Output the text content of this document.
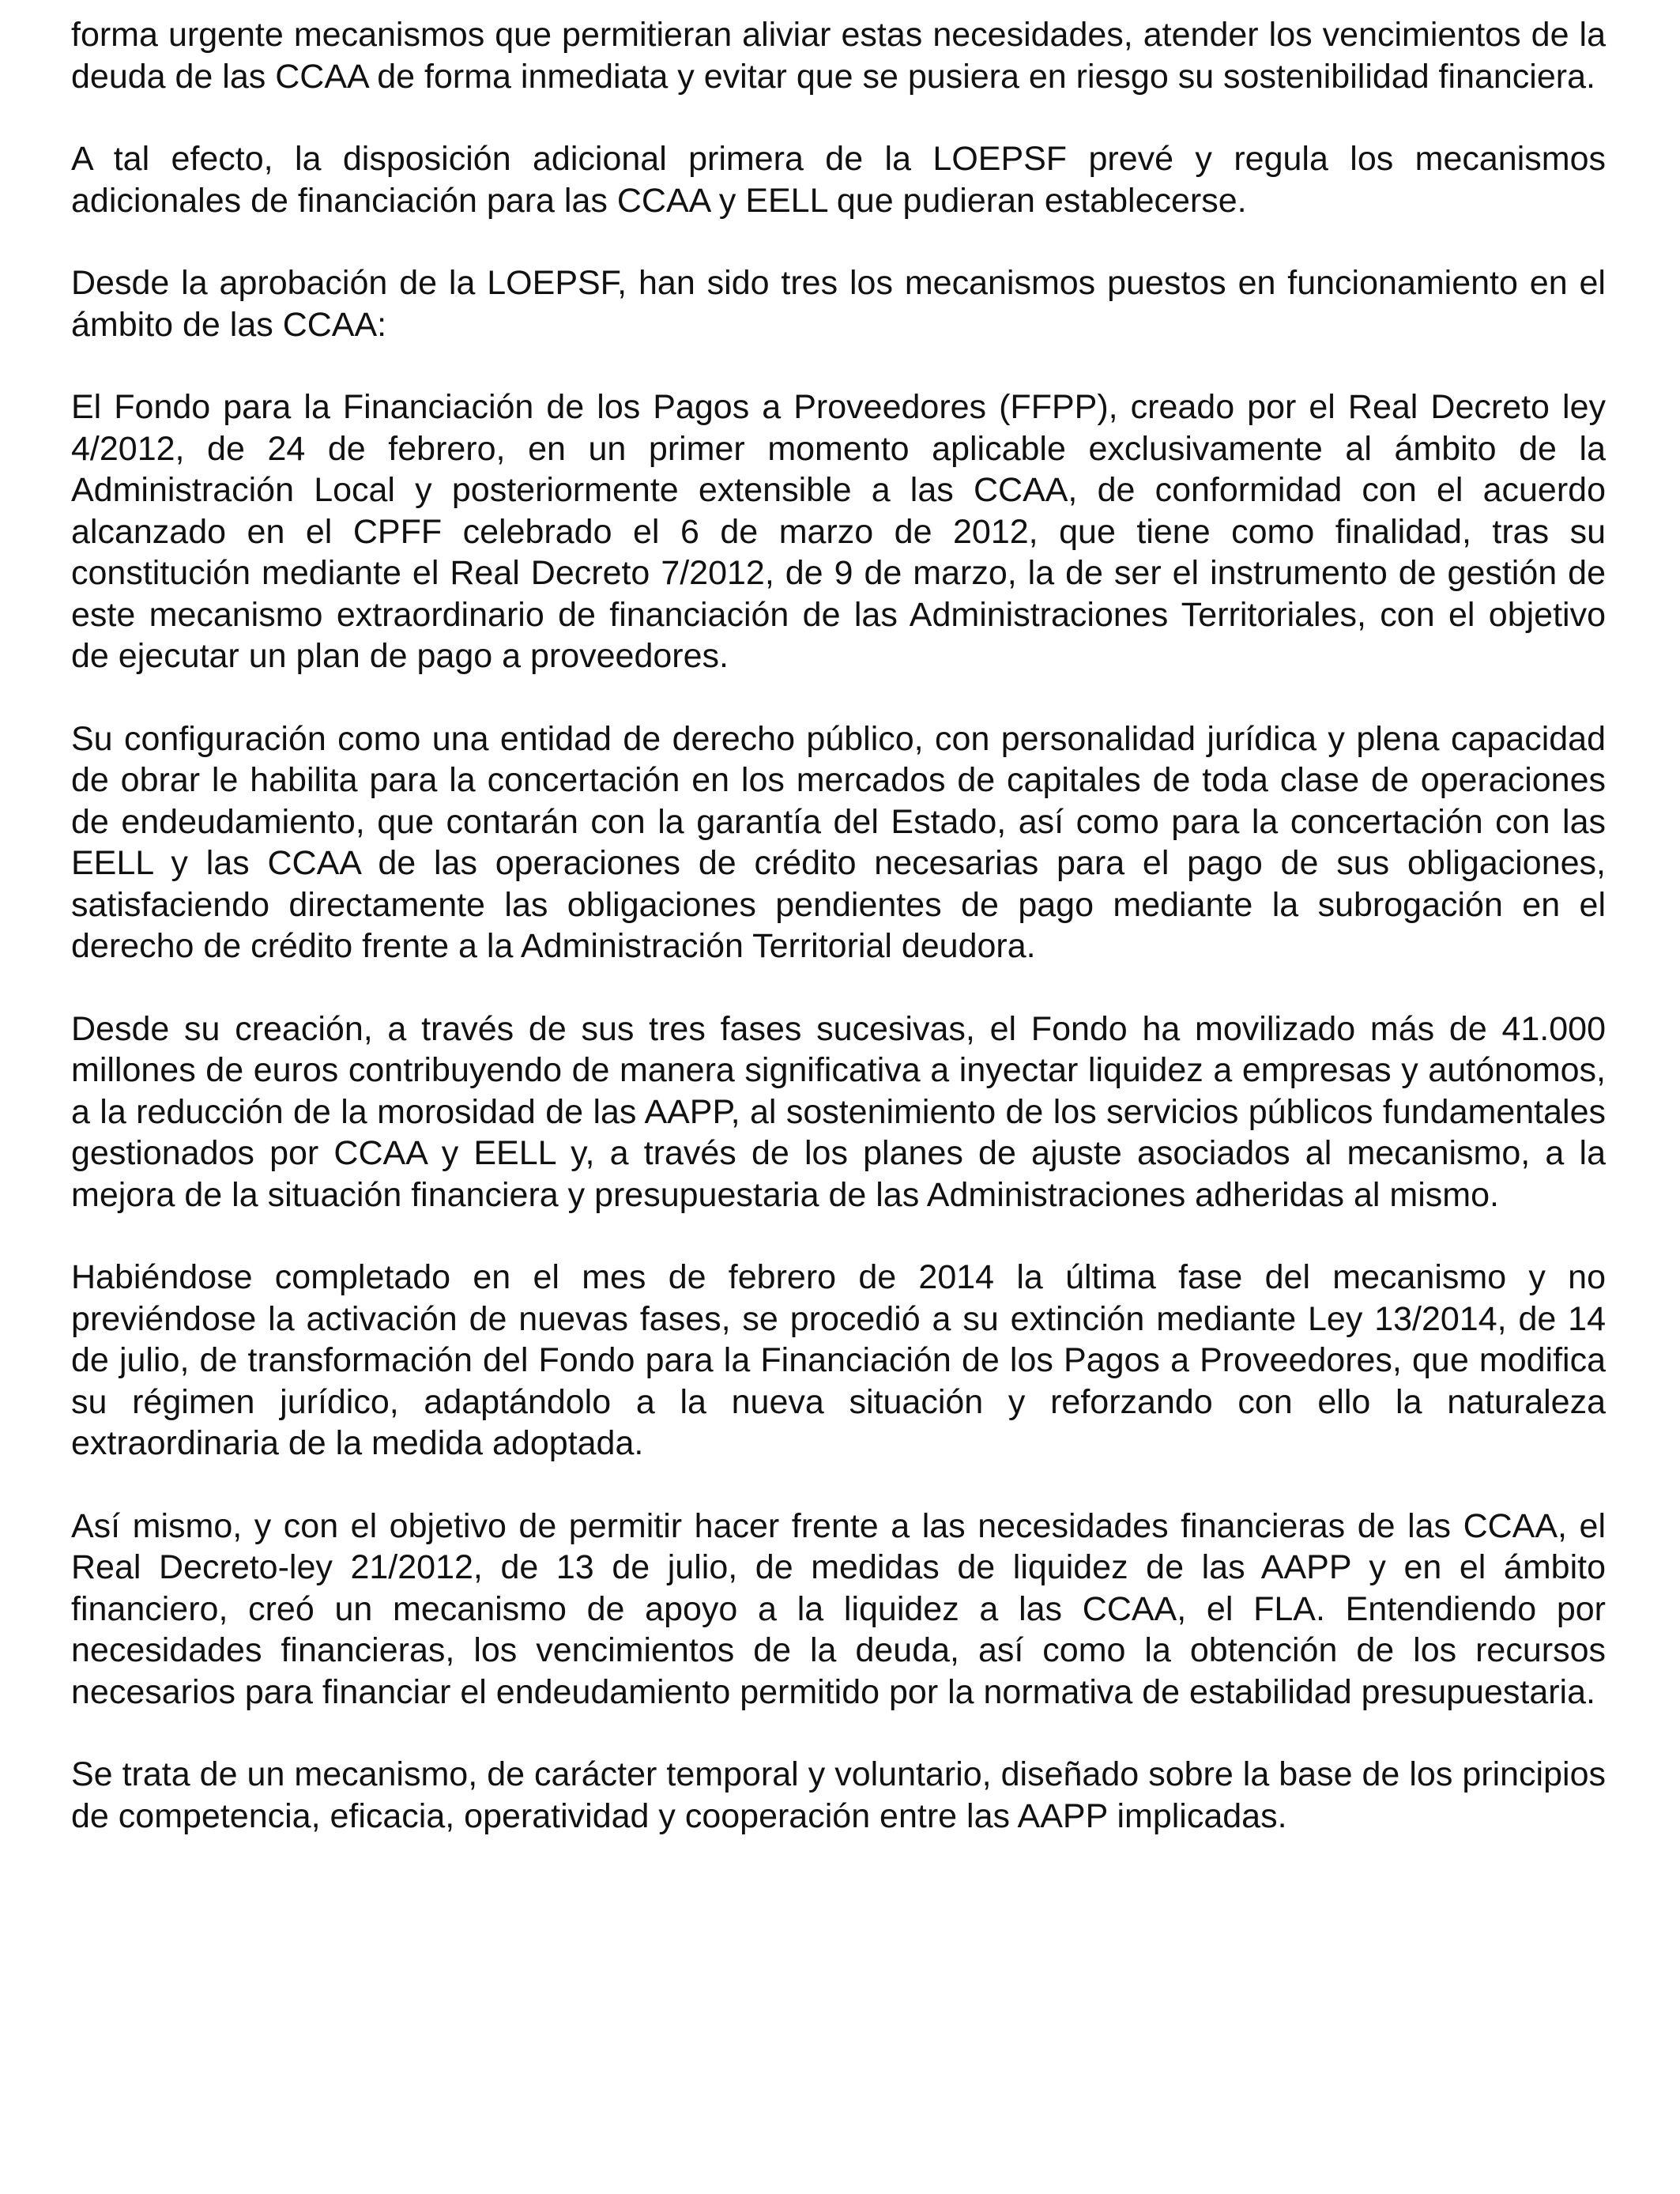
forma urgente mecanismos que permitieran aliviar estas necesidades, atender los vencimientos de la deuda de las CCAA de forma inmediata y evitar que se pusiera en riesgo su sostenibilidad financiera.

A tal efecto, la disposición adicional primera de la LOEPSF prevé y regula los mecanismos adicionales de financiación para las CCAA y EELL que pudieran establecerse.

Desde la aprobación de la LOEPSF, han sido tres los mecanismos puestos en funcionamiento en el ámbito de las CCAA:

El Fondo para la Financiación de los Pagos a Proveedores (FFPP), creado por el Real Decreto ley 4/2012, de 24 de febrero, en un primer momento aplicable exclusivamente al ámbito de la Administración Local y posteriormente extensible a las CCAA, de conformidad con el acuerdo alcanzado en el CPFF celebrado el 6 de marzo de 2012, que tiene como finalidad, tras su constitución mediante el Real Decreto 7/2012, de 9 de marzo, la de ser el instrumento de gestión de este mecanismo extraordinario de financiación de las Administraciones Territoriales, con el objetivo de ejecutar un plan de pago a proveedores.

Su configuración como una entidad de derecho público, con personalidad jurídica y plena capacidad de obrar le habilita para la concertación en los mercados de capitales de toda clase de operaciones de endeudamiento, que contarán con la garantía del Estado, así como para la concertación con las EELL y las CCAA de las operaciones de crédito necesarias para el pago de sus obligaciones, satisfaciendo directamente las obligaciones pendientes de pago mediante la subrogación en el derecho de crédito frente a la Administración Territorial deudora.

Desde su creación, a través de sus tres fases sucesivas, el Fondo ha movilizado más de 41.000 millones de euros contribuyendo de manera significativa a inyectar liquidez a empresas y autónomos, a la reducción de la morosidad de las AAPP, al sostenimiento de los servicios públicos fundamentales gestionados por CCAA y EELL y, a través de los planes de ajuste asociados al mecanismo, a la mejora de la situación financiera y presupuestaria de las Administraciones adheridas al mismo.

Habiéndose completado en el mes de febrero de 2014 la última fase del mecanismo y no previéndose la activación de nuevas fases, se procedió a su extinción mediante Ley 13/2014, de 14 de julio, de transformación del Fondo para la Financiación de los Pagos a Proveedores, que modifica su régimen jurídico, adaptándolo a la nueva situación y reforzando con ello la naturaleza extraordinaria de la medida adoptada.

Así mismo, y con el objetivo de permitir hacer frente a las necesidades financieras de las CCAA, el Real Decreto-ley 21/2012, de 13 de julio, de medidas de liquidez de las AAPP y en el ámbito financiero, creó un mecanismo de apoyo a la liquidez a las CCAA, el FLA. Entendiendo por necesidades financieras, los vencimientos de la deuda, así como la obtención de los recursos necesarios para financiar el endeudamiento permitido por la normativa de estabilidad presupuestaria.

Se trata de un mecanismo, de carácter temporal y voluntario, diseñado sobre la base de los principios de competencia, eficacia, operatividad y cooperación entre las AAPP implicadas.
